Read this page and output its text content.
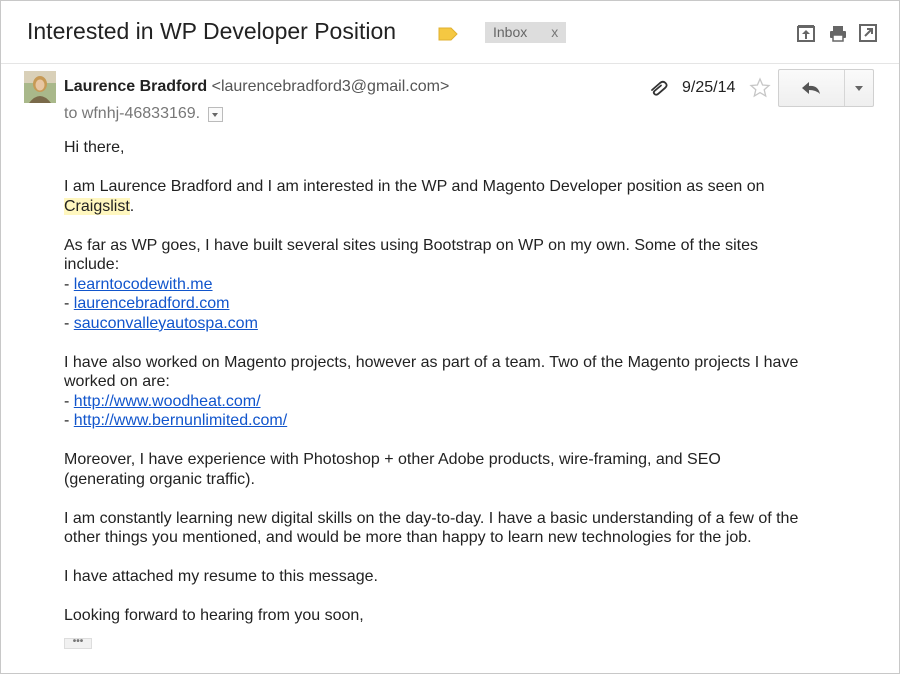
Interested in WP Developer Position	Inbox x
Laurence Bradford <laurencebradford3@gmail.com>
to wfnhj-46833169.
9/25/14

Hi there,

I am Laurence Bradford and I am interested in the WP and Magento Developer position as seen on
Craigslist.

As far as WP goes, I have built several sites using Bootstrap on WP on my own. Some of the sites
include:
- learntocodewith.me
- laurencebradford.com
- sauconvalleyautospa.com

I have also worked on Magento projects, however as part of a team. Two of the Magento projects I have
worked on are:
- http://www.woodheat.com/
- http://www.bernunlimited.com/

Moreover, I have experience with Photoshop + other Adobe products, wire-framing, and SEO
(generating organic traffic).

I am constantly learning new digital skills on the day-to-day. I have a basic understanding of a few of the
other things you mentioned, and would be more than happy to learn new technologies for the job.

I have attached my resume to this message.

Looking forward to hearing from you soon,

•••
